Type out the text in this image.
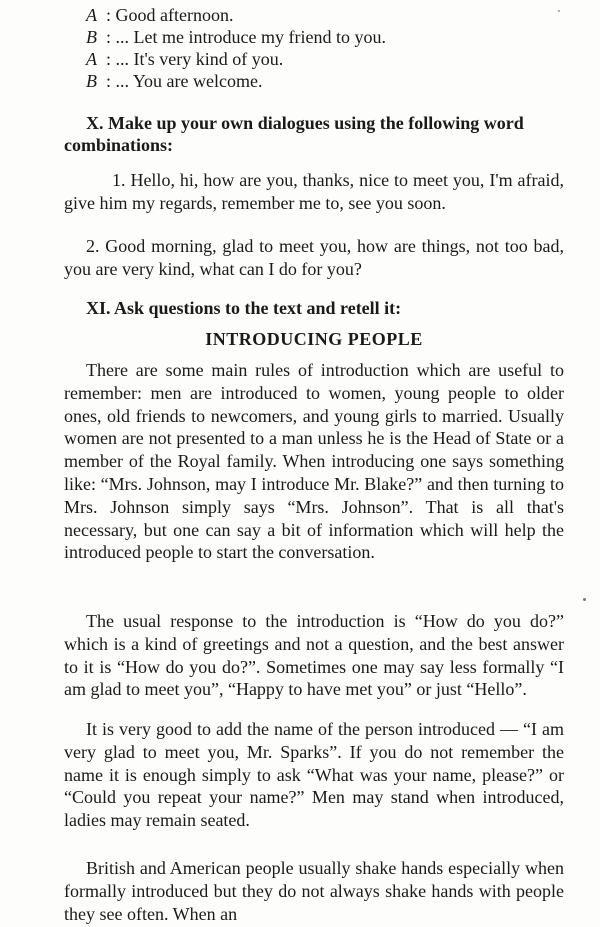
A : Good afternoon.
B : ... Let me introduce my friend to you.
A : ... It's very kind of you.
B : ... You are welcome.
X. Make up your own dialogues using the following word combinations:
1. Hello, hi, how are you, thanks, nice to meet you, I'm afraid, give him my regards, remember me to, see you soon.
2. Good morning, glad to meet you, how are things, not too bad, you are very kind, what can I do for you?
XI. Ask questions to the text and retell it:
INTRODUCING PEOPLE
There are some main rules of introduction which are useful to remember: men are introduced to women, young people to older ones, old friends to newcomers, and young girls to married. Usually women are not presented to a man unless he is the Head of State or a member of the Royal family. When introducing one says something like: “Mrs. Johnson, may I introduce Mr. Blake?” and then turning to Mrs. Johnson simply says “Mrs. Johnson”. That is all that's necessary, but one can say a bit of information which will help the introduced people to start the conversation.
The usual response to the introduction is “How do you do?” which is a kind of greetings and not a question, and the best answer to it is “How do you do?”. Sometimes one may say less formally “I am glad to meet you”, “Happy to have met you” or just “Hello”.
It is very good to add the name of the person introduced — “I am very glad to meet you, Mr. Sparks”. If you do not remember the name it is enough simply to ask “What was your name, please?” or “Could you repeat your name?” Men may stand when introduced, ladies may remain seated.
British and American people usually shake hands especially when formally introduced but they do not always shake hands with people they see often. When an
